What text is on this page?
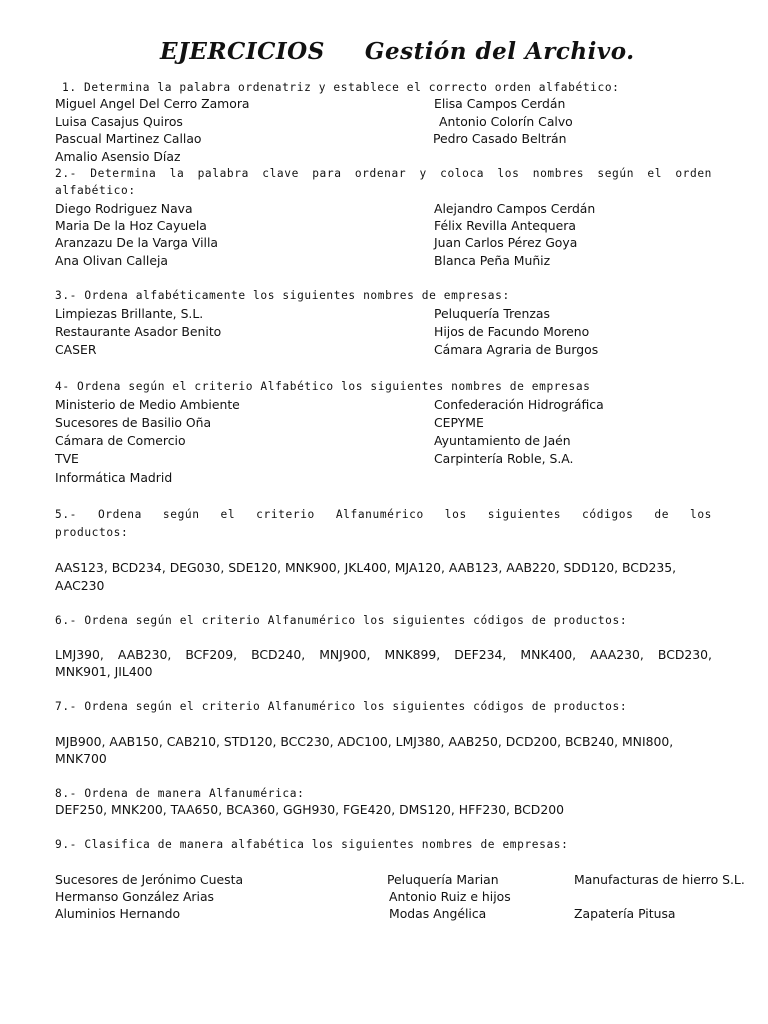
EJERCICIOS Gestión del Archivo.
1. Determina la palabra ordenatriz y establece el correcto orden alfabético:
Miguel Angel Del Cerro Zamora	Elisa Campos Cerdán
Luisa Casajus Quiros	Antonio Colorín Calvo
Pascual Martinez Callao	Pedro Casado Beltrán
Amalio Asensio Díaz
2.- Determina la palabra clave para ordenar y coloca los nombres según el orden
alfabético:
Diego Rodriguez Nava	Alejandro Campos Cerdán
Maria De la Hoz Cayuela	Félix Revilla Antequera
Aranzazu De la Varga Villa	Juan Carlos Pérez Goya
Ana Olivan Calleja	Blanca Peña Muñiz
3.- Ordena alfabéticamente los siguientes nombres de empresas:
Limpiezas Brillante, S.L.	Peluquería Trenzas
Restaurante Asador Benito	Hijos de Facundo Moreno
CASER	Cámara Agraria de Burgos
4- Ordena según el criterio Alfabético los siguientes nombres de empresas
Ministerio de Medio Ambiente	Confederación Hidrográfica
Sucesores de Basilio Oña	CEPYME
Cámara de Comercio	Ayuntamiento de Jaén
TVE	Carpintería Roble, S.A.
Informática Madrid
5.- Ordena según el criterio Alfanumérico los siguientes códigos de los
productos:
AAS123, BCD234, DEG030, SDE120, MNK900, JKL400, MJA120, AAB123, AAB220, SDD120, BCD235,
AAC230
6.- Ordena según el criterio Alfanumérico los siguientes códigos de productos:
LMJ390, AAB230, BCF209, BCD240, MNJ900, MNK899, DEF234, MNK400, AAA230, BCD230,
MNK901, JIL400
7.- Ordena según el criterio Alfanumérico los siguientes códigos de productos:
MJB900, AAB150, CAB210, STD120, BCC230, ADC100, LMJ380, AAB250, DCD200, BCB240, MNI800,
MNK700
8.- Ordena de manera Alfanumérica:
DEF250, MNK200, TAA650, BCA360, GGH930, FGE420, DMS120, HFF230, BCD200
9.- Clasifica de manera alfabética los siguientes nombres de empresas:
Sucesores de Jerónimo Cuesta	Peluquería Marian	Manufacturas de hierro S.L.
Hermanso González Arias	Antonio Ruiz e hijos
Aluminios Hernando	Modas Angélica	Zapatería Pitusa
